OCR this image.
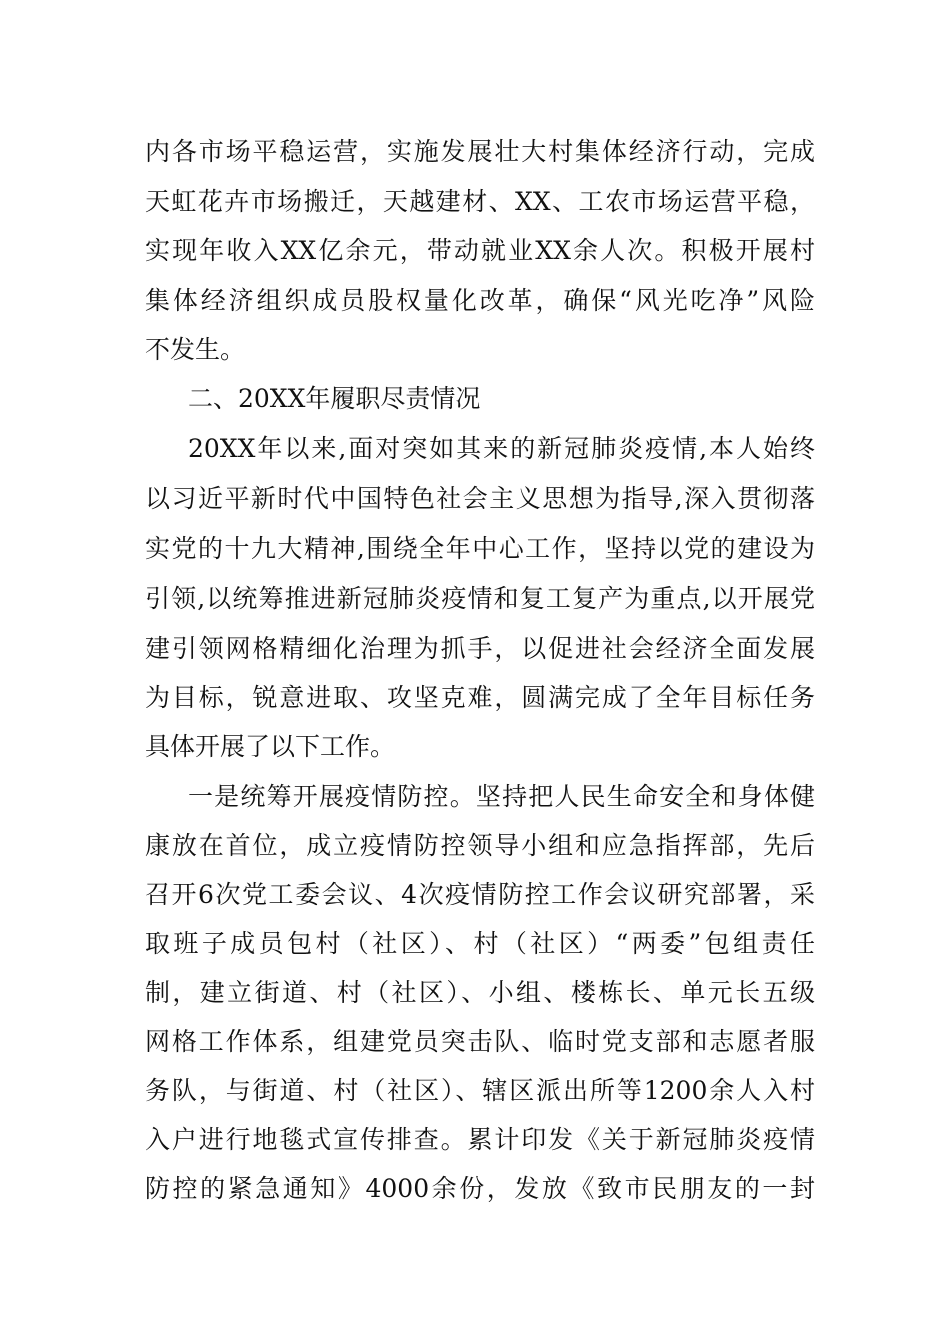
内各市场平稳运营，实施发展壮大村集体经济行动，完成
天虹花卉市场搬迁，天越建材、XX、工农市场运营平稳，
实现年收入XX亿余元，带动就业XX余人次。积极开展村
集体经济组织成员股权量化改革，确保“风光吃净”风险
不发生。
二、20XX年履职尽责情况
20XX年以来,面对突如其来的新冠肺炎疫情,本人始终
以习近平新时代中国特色社会主义思想为指导,深入贯彻落
实党的十九大精神,围绕全年中心工作，坚持以党的建设为
引领,以统筹推进新冠肺炎疫情和复工复产为重点,以开展党
建引领网格精细化治理为抓手，以促进社会经济全面发展
为目标，锐意进取、攻坚克难，圆满完成了全年目标任务
具体开展了以下工作。
一是统筹开展疫情防控。坚持把人民生命安全和身体健
康放在首位，成立疫情防控领导小组和应急指挥部，先后
召开6次党工委会议、4次疫情防控工作会议研究部署，采
取班子成员包村（社区）、村（社区）“两委”包组责任
制，建立街道、村（社区）、小组、楼栋长、单元长五级
网格工作体系，组建党员突击队、临时党支部和志愿者服
务队，与街道、村（社区）、辖区派出所等1200余人入村
入户进行地毯式宣传排查。累计印发《关于新冠肺炎疫情
防控的紧急通知》4000余份，发放《致市民朋友的一封
